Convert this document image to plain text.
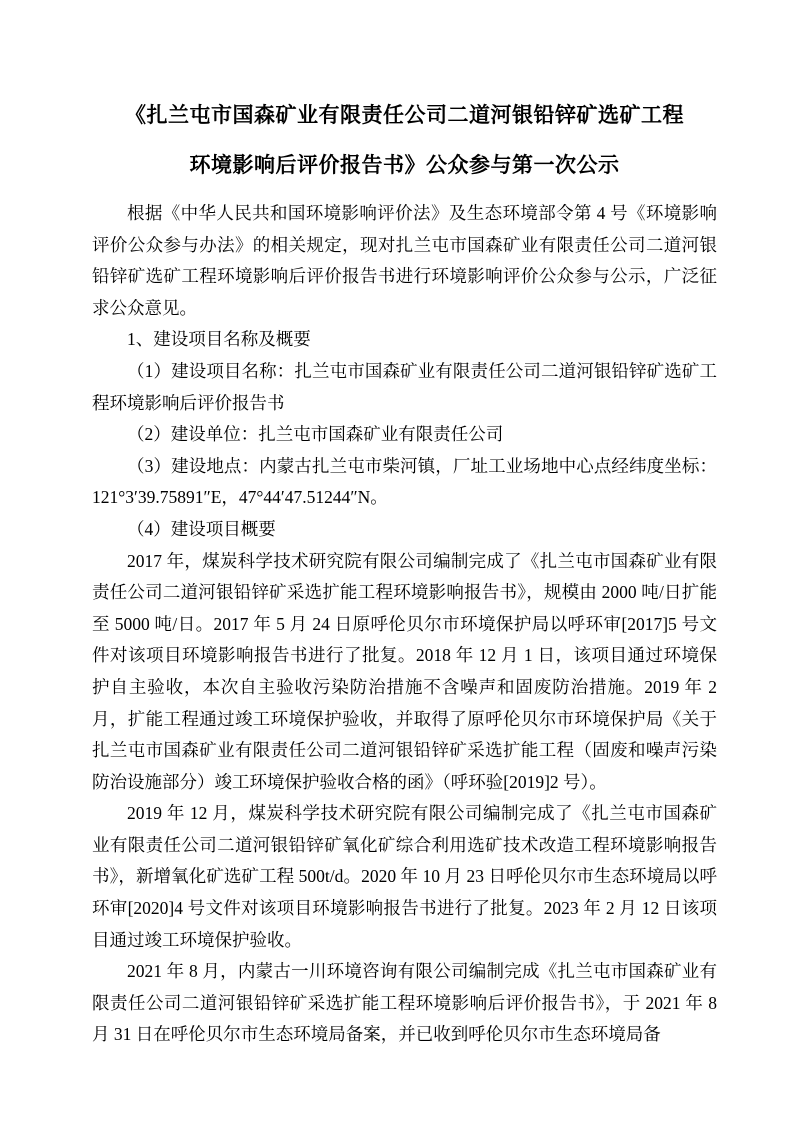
《扎兰屯市国森矿业有限责任公司二道河银铅锌矿选矿工程
环境影响后评价报告书》公众参与第一次公示

根据《中华人民共和国环境影响评价法》及生态环境部令第 4 号《环境影响评价公众参与办法》的相关规定，现对扎兰屯市国森矿业有限责任公司二道河银铅锌矿选矿工程环境影响后评价报告书进行环境影响评价公众参与公示，广泛征求公众意见。

1、建设项目名称及概要

（1）建设项目名称：扎兰屯市国森矿业有限责任公司二道河银铅锌矿选矿工程环境影响后评价报告书

（2）建设单位：扎兰屯市国森矿业有限责任公司

（3）建设地点：内蒙古扎兰屯市柴河镇，厂址工业场地中心点经纬度坐标：121°3′39.75891″E，47°44′47.51244″N。

（4）建设项目概要

2017 年，煤炭科学技术研究院有限公司编制完成了《扎兰屯市国森矿业有限责任公司二道河银铅锌矿采选扩能工程环境影响报告书》，规模由 2000 吨/日扩能至 5000 吨/日。2017 年 5 月 24 日原呼伦贝尔市环境保护局以呼环审[2017]5 号文件对该项目环境影响报告书进行了批复。2018 年 12 月 1 日，该项目通过环境保护自主验收，本次自主验收污染防治措施不含噪声和固废防治措施。2019 年 2 月，扩能工程通过竣工环境保护验收，并取得了原呼伦贝尔市环境保护局《关于扎兰屯市国森矿业有限责任公司二道河银铅锌矿采选扩能工程（固废和噪声污染防治设施部分）竣工环境保护验收合格的函》（呼环验[2019]2 号）。

2019 年 12 月，煤炭科学技术研究院有限公司编制完成了《扎兰屯市国森矿业有限责任公司二道河银铅锌矿氧化矿综合利用选矿技术改造工程环境影响报告书》，新增氧化矿选矿工程 500t/d。2020 年 10 月 23 日呼伦贝尔市生态环境局以呼环审[2020]4 号文件对该项目环境影响报告书进行了批复。2023 年 2 月 12 日该项目通过竣工环境保护验收。

2021 年 8 月，内蒙古一川环境咨询有限公司编制完成《扎兰屯市国森矿业有限责任公司二道河银铅锌矿采选扩能工程环境影响后评价报告书》，于 2021 年 8 月 31 日在呼伦贝尔市生态环境局备案，并已收到呼伦贝尔市生态环境局备
